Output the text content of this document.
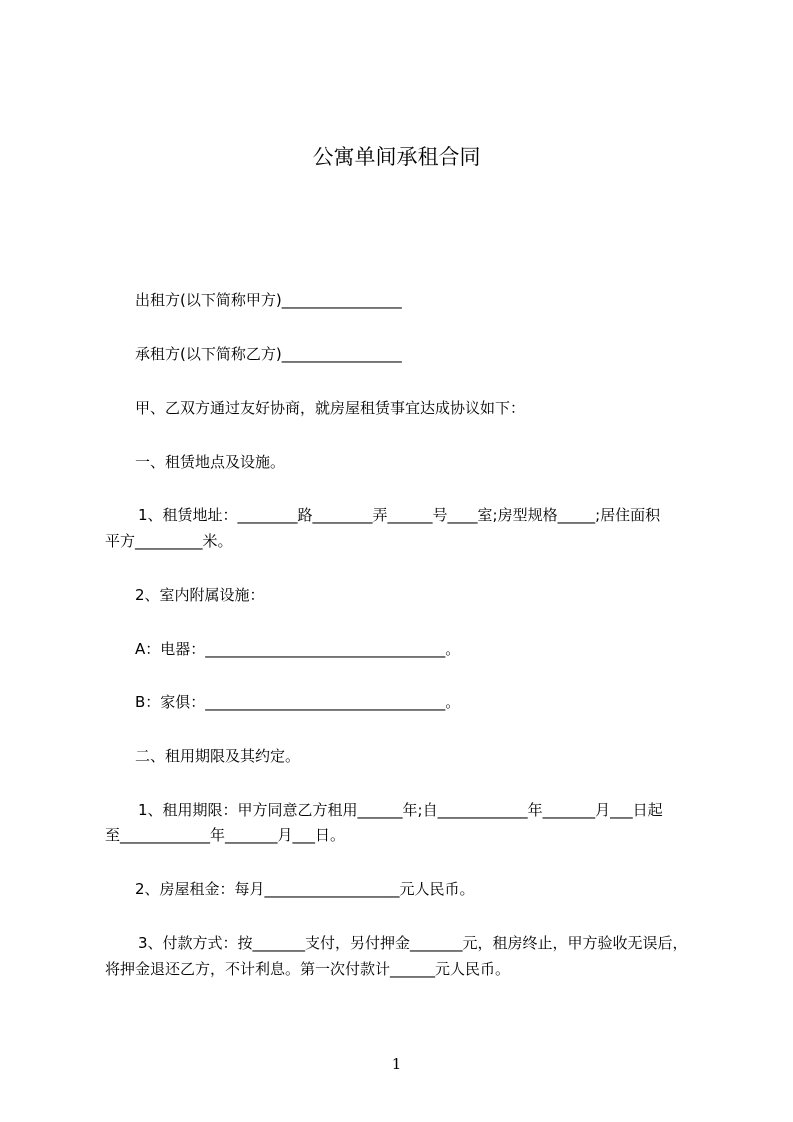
公寓单间承租合同
出租方(以下简称甲方)________________
承租方(以下简称乙方)________________
甲、乙双方通过友好协商，就房屋租赁事宜达成协议如下：
一、租赁地点及设施。
1、租赁地址：________路________弄______号____室;房型规格_____;居住面积
平方_________米。
2、室内附属设施：
A：电器：________________________________。
B：家俱：________________________________。
二、租用期限及其约定。
1、租用期限：甲方同意乙方租用______年;自____________年_______月___日起
至____________年_______月___日。
2、房屋租金：每月__________________元人民币。
3、付款方式：按_______支付，另付押金_______元，租房终止，甲方验收无误后，
将押金退还乙方，不计利息。第一次付款计______元人民币。
1
